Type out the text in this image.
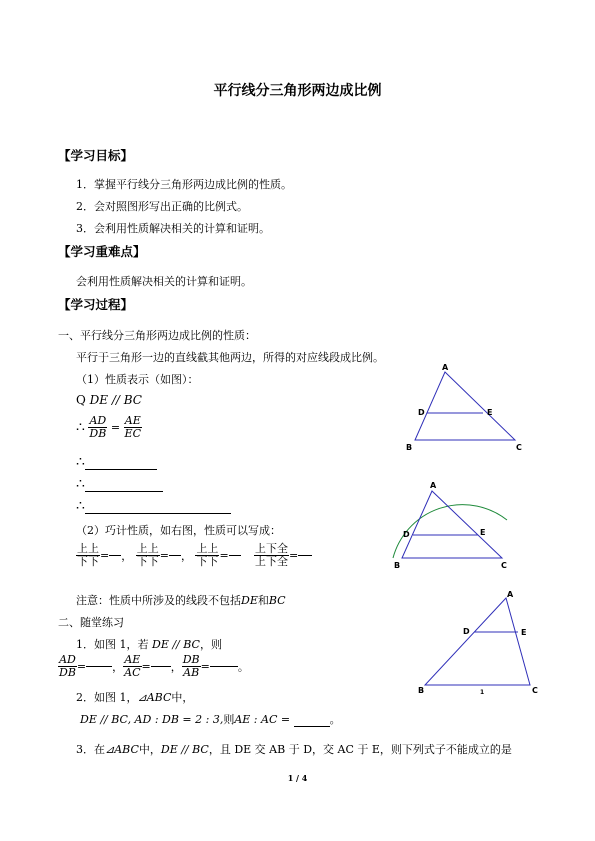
平行线分三角形两边成比例
【学习目标】
1．掌握平行线分三角形两边成比例的性质。
2．会对照图形写出正确的比例式。
3．会利用性质解决相关的计算和证明。
【学习重难点】
会利用性质解决相关的计算和证明。
【学习过程】
一、平行线分三角形两边成比例的性质：
平行于三角形一边的直线截其他两边，所得的对应线段成比例。
（1）性质表示（如图）：
Q DE // BC
∴ $\frac{AD}{DB} = \frac{AE}{EC}$
∴
∴
∴
（2）巧计性质，如右图，性质可以写成：
上上
下下 = ，
上上
下下 = ，
上上
下下 =
上下全
上下全 =
注意：性质中所涉及的线段不包括DE和BC
二、随堂练习
1．如图 1，若 DE // BC，则
$\frac{AD}{DB}$ = ， $\frac{AE}{AC}$ = ， $\frac{DB}{AB}$ =	。
2．如图 1，⊿ABC中，
DE // BC, AD : DB = 2 : 3,则AE : AC =	。
3．在⊿ABC中，DE // BC，且 DE 交 AB 于 D，交 AC 于 E，则下列式子不能成立的是
1 / 4
A
D	E
B	C
A
D	E
B	C
A
D	E
B	C
1
